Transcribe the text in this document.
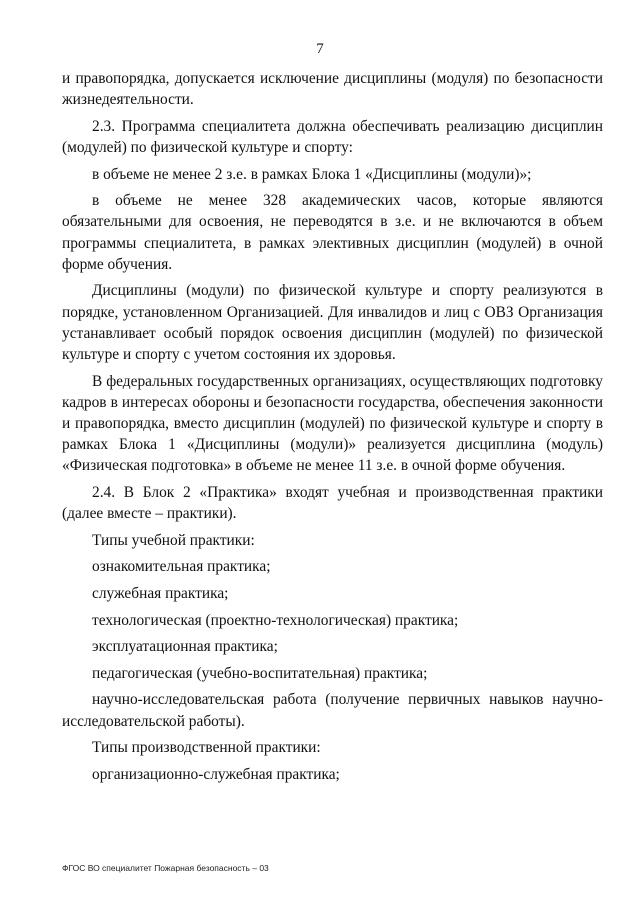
7

и правопорядка, допускается исключение дисциплины (модуля) по безопасности жизнедеятельности.

2.3. Программа специалитета должна обеспечивать реализацию дисциплин (модулей) по физической культуре и спорту:

в объеме не менее 2 з.е. в рамках Блока 1 «Дисциплины (модули)»;

в объеме не менее 328 академических часов, которые являются обязательными для освоения, не переводятся в з.е. и не включаются в объем программы специалитета, в рамках элективных дисциплин (модулей) в очной форме обучения.

Дисциплины (модули) по физической культуре и спорту реализуются в порядке, установленном Организацией. Для инвалидов и лиц с ОВЗ Организация устанавливает особый порядок освоения дисциплин (модулей) по физической культуре и спорту с учетом состояния их здоровья.

В федеральных государственных организациях, осуществляющих подготовку кадров в интересах обороны и безопасности государства, обеспечения законности и правопорядка, вместо дисциплин (модулей) по физической культуре и спорту в рамках Блока 1 «Дисциплины (модули)» реализуется дисциплина (модуль) «Физическая подготовка» в объеме не менее 11 з.е. в очной форме обучения.

2.4. В Блок 2 «Практика» входят учебная и производственная практики (далее вместе – практики).

Типы учебной практики:

ознакомительная практика;

служебная практика;

технологическая (проектно-технологическая) практика;

эксплуатационная практика;

педагогическая (учебно-воспитательная) практика;

научно-исследовательская работа (получение первичных навыков научно-исследовательской работы).

Типы производственной практики:

организационно-служебная практика;

ФГОС ВО специалитет Пожарная безопасность – 03
